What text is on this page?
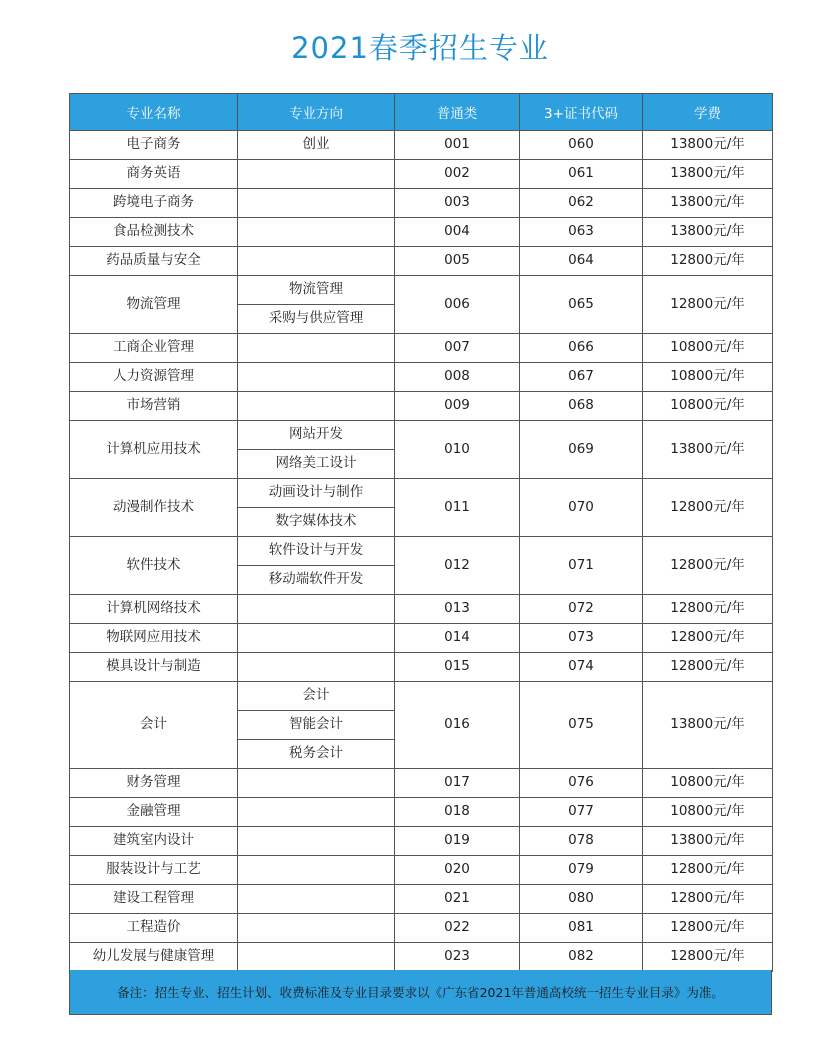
2021春季招生专业
专业名称	专业方向	普通类	3+证书代码	学费
电子商务	创业	001	060	13800元/年
商务英语		002	061	13800元/年
跨境电子商务		003	062	13800元/年
食品检测技术		004	063	13800元/年
药品质量与安全		005	064	12800元/年
物流管理	物流管理	006	065	12800元/年
	采购与供应管理			
工商企业管理		007	066	10800元/年
人力资源管理		008	067	10800元/年
市场营销		009	068	10800元/年
计算机应用技术	网站开发	010	069	13800元/年
	网络美工设计			
动漫制作技术	动画设计与制作	011	070	12800元/年
	数字媒体技术			
软件技术	软件设计与开发	012	071	12800元/年
	移动端软件开发			
计算机网络技术		013	072	12800元/年
物联网应用技术		014	073	12800元/年
模具设计与制造		015	074	12800元/年
会计	会计	016	075	13800元/年
	智能会计			
	税务会计			
财务管理		017	076	10800元/年
金融管理		018	077	10800元/年
建筑室内设计		019	078	13800元/年
服装设计与工艺		020	079	12800元/年
建设工程管理		021	080	12800元/年
工程造价		022	081	12800元/年
幼儿发展与健康管理		023	082	12800元/年
备注：招生专业、招生计划、收费标准及专业目录要求以《广东省2021年普通高校统一招生专业目录》为准。
